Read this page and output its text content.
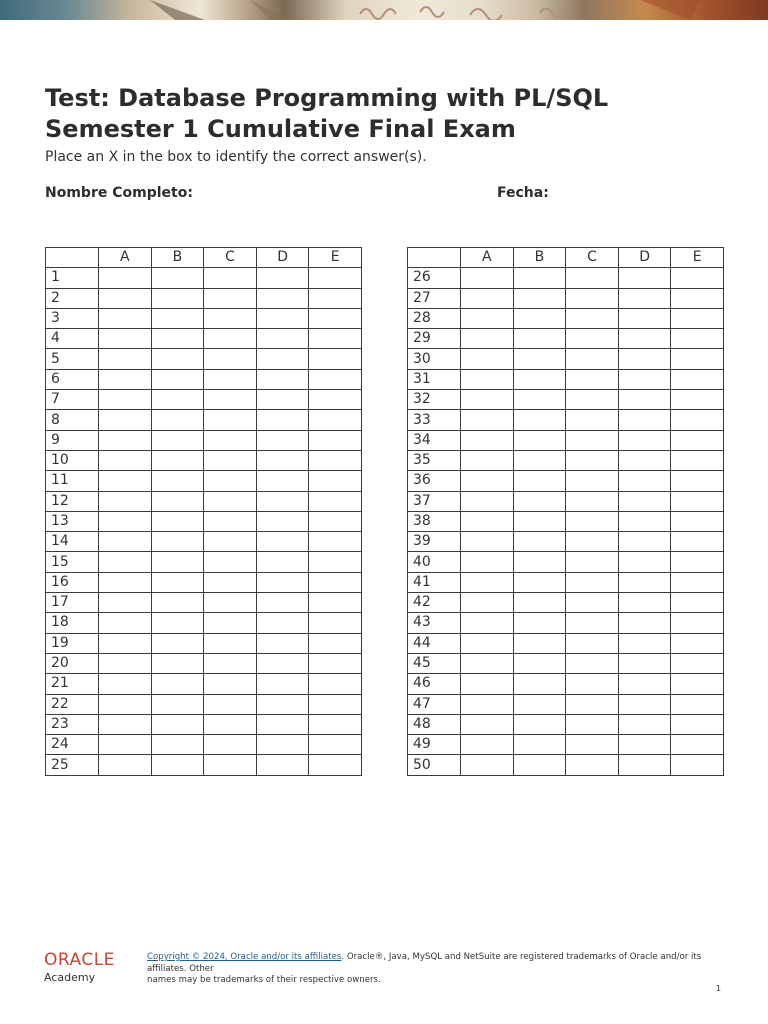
Test: Database Programming with PL/SQL
Semester 1 Cumulative Final Exam
Place an X in the box to identify the correct answer(s).
Nombre Completo:	Fecha:
	A	B	C	D	E
1					
2					
3					
4					
5					
6					
7					
8					
9					
10					
11					
12					
13					
14					
15					
16					
17					
18					
19					
20					
21					
22					
23					
24					
25					
	A	B	C	D	E
26					
27					
28					
29					
30					
31					
32					
33					
34					
35					
36					
37					
38					
39					
40					
41					
42					
43					
44					
45					
46					
47					
48					
49					
50					
ORACLE
Academy
Copyright © 2024, Oracle and/or its affiliates. Oracle®, Java, MySQL and NetSuite are registered trademarks of Oracle and/or its affiliates. Other
names may be trademarks of their respective owners.
1
